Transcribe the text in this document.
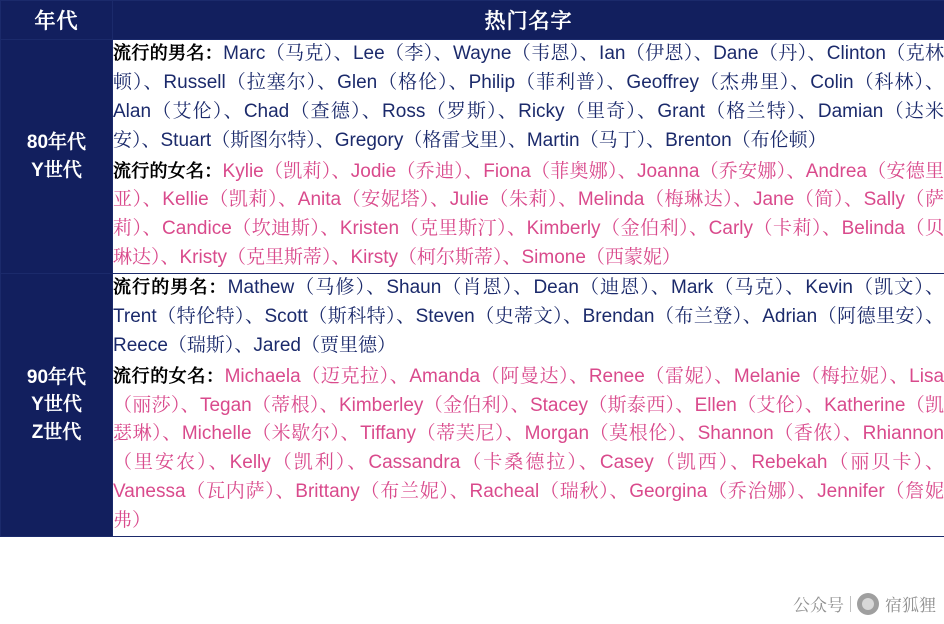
年代	热门名字

80年代
Y世代

流行的男名：Marc（马克）、Lee（李）、Wayne（韦恩）、Ian（伊恩）、Dane（丹）、Clinton（克林顿）、Russell（拉塞尔）、Glen（格伦）、Philip（菲利普）、Geoffrey（杰弗里）、Colin（科林）、Alan（艾伦）、Chad（查德）、Ross（罗斯）、Ricky（里奇）、Grant（格兰特）、Damian（达米安）、Stuart（斯图尔特）、Gregory（格雷戈里）、Martin（马丁）、Brenton（布伦顿）
流行的女名：Kylie（凯莉）、Jodie（乔迪）、Fiona（菲奥娜）、Joanna（乔安娜）、Andrea（安德里亚）、Kellie（凯莉）、Anita（安妮塔）、Julie（朱莉）、Melinda（梅琳达）、Jane（简）、Sally（萨莉）、Candice（坎迪斯）、Kristen（克里斯汀）、Kimberly（金伯利）、Carly（卡莉）、Belinda（贝琳达）、Kristy（克里斯蒂）、Kirsty（柯尔斯蒂）、Simone（西蒙妮）

90年代
Y世代
Z世代

流行的男名：Mathew（马修）、Shaun（肖恩）、Dean（迪恩）、Mark（马克）、Kevin（凯文）、Trent（特伦特）、Scott（斯科特）、Steven（史蒂文）、Brendan（布兰登）、Adrian（阿德里安）、Reece（瑞斯）、Jared（贾里德）
流行的女名：Michaela（迈克拉）、Amanda（阿曼达）、Renee（雷妮）、Melanie（梅拉妮）、Lisa（丽莎）、Tegan（蒂根）、Kimberley（金伯利）、Stacey（斯泰西）、Ellen（艾伦）、Katherine（凯瑟琳）、Michelle（米歇尔）、Tiffany（蒂芙尼）、Morgan（莫根伦）、Shannon（香侬）、Rhiannon（里安农）、Kelly（凯利）、Cassandra（卡桑德拉）、Casey（凯西）、Rebekah（丽贝卡）、Vanessa（瓦内萨）、Brittany（布兰妮）、Racheal（瑞秋）、Georgina（乔治娜）、Jennifer（詹妮弗）
公众号 宿狐狸
